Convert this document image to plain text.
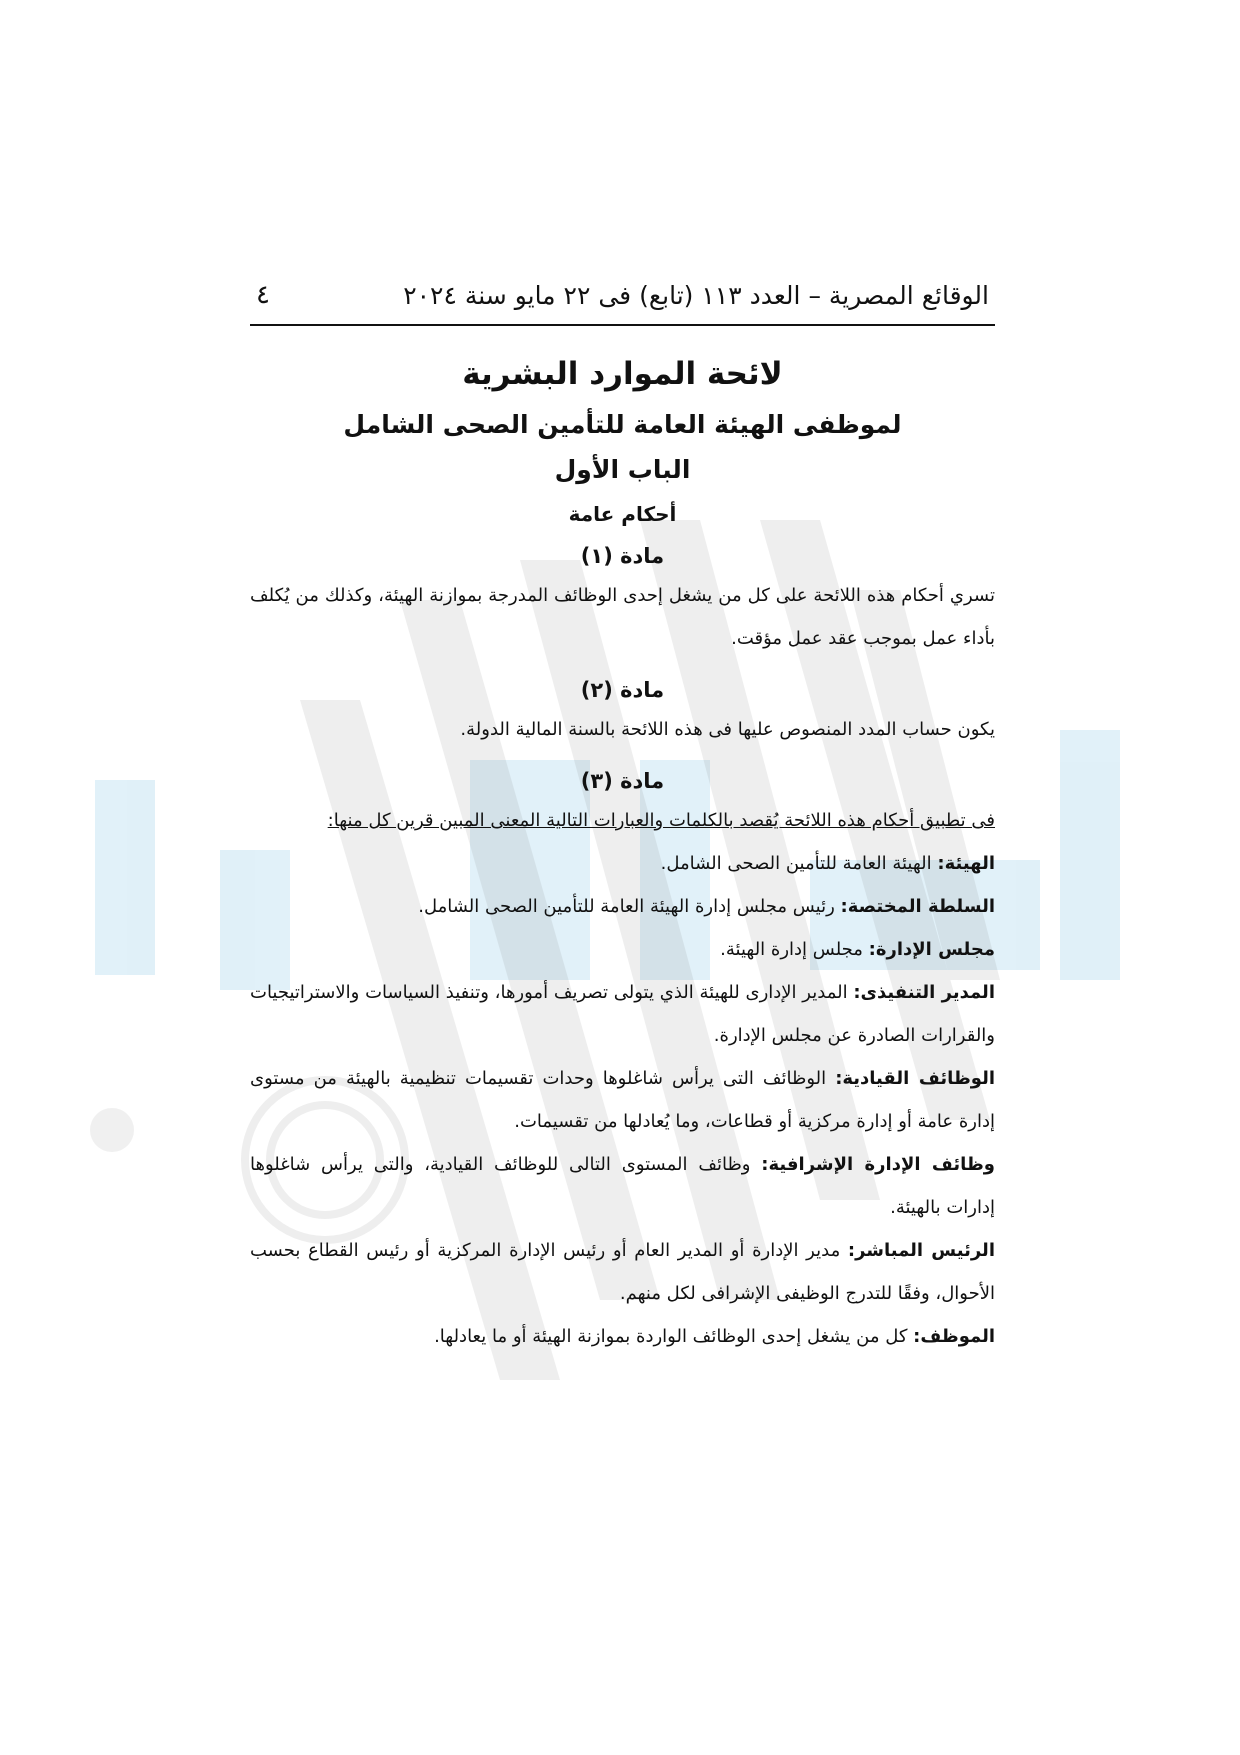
الوقائع المصرية – العدد ١١٣ (تابع) فى ٢٢ مايو سنة ٢٠٢٤
٤
لائحة الموارد البشرية
لموظفى الهيئة العامة للتأمين الصحى الشامل
الباب الأول
أحكام عامة
مادة (١)
تسري أحكام هذه اللائحة على كل من يشغل إحدى الوظائف المدرجة بموازنة الهيئة، وكذلك من يُكلف بأداء عمل بموجب عقد عمل مؤقت.
مادة (٢)
يكون حساب المدد المنصوص عليها فى هذه اللائحة بالسنة المالية الدولة.
مادة (٣)
فى تطبيق أحكام هذه اللائحة يُقصد بالكلمات والعبارات التالية المعنى المبين قرين كل منها:
الهيئة: الهيئة العامة للتأمين الصحى الشامل.
السلطة المختصة: رئيس مجلس إدارة الهيئة العامة للتأمين الصحى الشامل.
مجلس الإدارة: مجلس إدارة الهيئة.
المدير التنفيذى: المدير الإدارى للهيئة الذي يتولى تصريف أمورها، وتنفيذ السياسات والاستراتيجيات والقرارات الصادرة عن مجلس الإدارة.
الوظائف القيادية: الوظائف التى يرأس شاغلوها وحدات تقسيمات تنظيمية بالهيئة من مستوى إدارة عامة أو إدارة مركزية أو قطاعات، وما يُعادلها من تقسيمات.
وظائف الإدارة الإشرافية: وظائف المستوى التالى للوظائف القيادية، والتى يرأس شاغلوها إدارات بالهيئة.
الرئيس المباشر: مدير الإدارة أو المدير العام أو رئيس الإدارة المركزية أو رئيس القطاع بحسب الأحوال، وفقًا للتدرج الوظيفى الإشرافى لكل منهم.
الموظف: كل من يشغل إحدى الوظائف الواردة بموازنة الهيئة أو ما يعادلها.
